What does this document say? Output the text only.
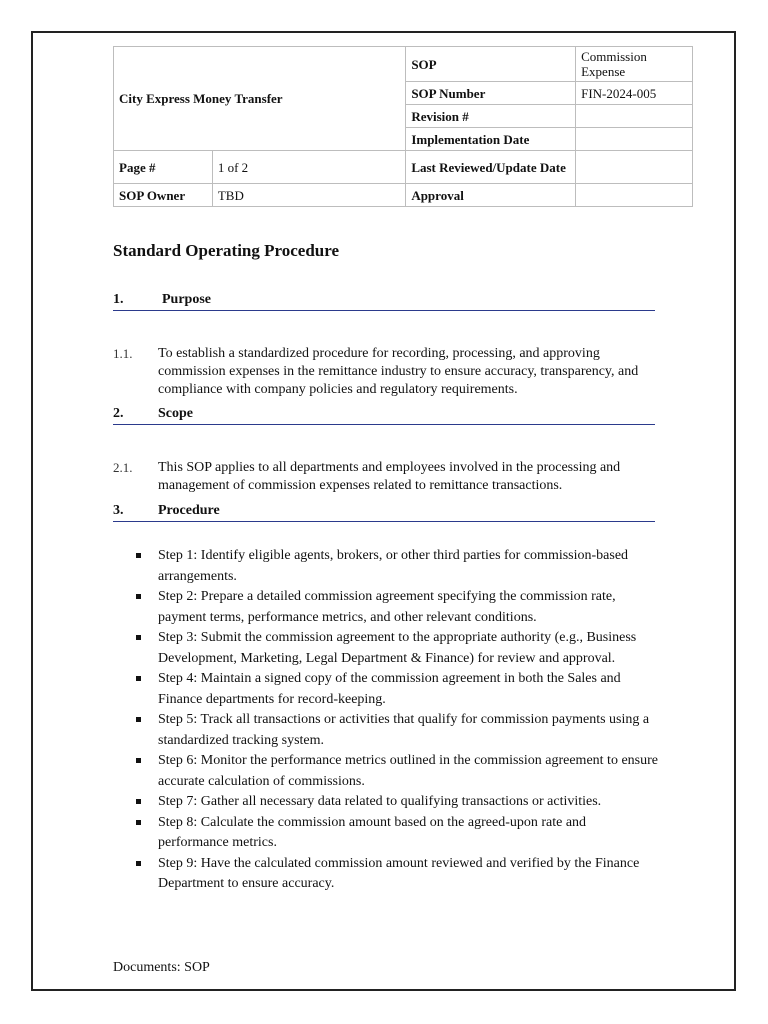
City Express Money Transfer		SOP	Commission Expense
		SOP Number	FIN-2024-005
		Revision #	
		Implementation Date	
Page #	1 of 2	Last Reviewed/Update Date	
SOP Owner	TBD	Approval	
Standard Operating Procedure
1.	Purpose
1.1. To establish a standardized procedure for recording, processing, and approving commission expenses in the remittance industry to ensure accuracy, transparency, and compliance with company policies and regulatory requirements.
2. Scope
2.1. This SOP applies to all departments and employees involved in the processing and management of commission expenses related to remittance transactions.
3. Procedure
Step 1: Identify eligible agents, brokers, or other third parties for commission-based arrangements.
Step 2: Prepare a detailed commission agreement specifying the commission rate, payment terms, performance metrics, and other relevant conditions.
Step 3: Submit the commission agreement to the appropriate authority (e.g., Business Development, Marketing, Legal Department & Finance) for review and approval.
Step 4: Maintain a signed copy of the commission agreement in both the Sales and Finance departments for record-keeping.
Step 5: Track all transactions or activities that qualify for commission payments using a standardized tracking system.
Step 6: Monitor the performance metrics outlined in the commission agreement to ensure accurate calculation of commissions.
Step 7: Gather all necessary data related to qualifying transactions or activities.
Step 8: Calculate the commission amount based on the agreed-upon rate and performance metrics.
Step 9: Have the calculated commission amount reviewed and verified by the Finance Department to ensure accuracy.
Documents: SOP
